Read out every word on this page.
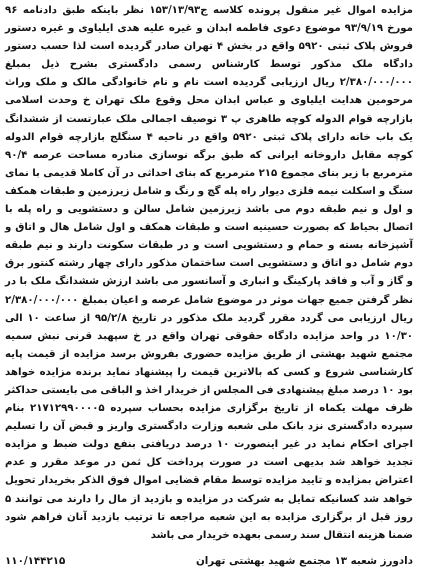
مزایده اموال غیر منقول پرونده کلاسه ج۱۵۳/۱۳/۹۳ نظر باینکه طبق دادنامه ۹۶ مورخ ۹۳/۹/۱۹ موضوع دعوی فاطمه ابدان و غیره علیه هدی ایلیاوی و غیره دستور فروش پلاک ثبتی ۵۹۲۰ واقع در بخش ۴ تهران صادر گردیده است لذا حسب دستور دادگاه ملک مذکور توسط کارشناس رسمی دادگستری بشرح ذیل بمبلغ ۲/۳۸۰/۰۰۰/۰۰۰ ریال ارزیابی گردیده است نام و نام خانوادگی مالک و ملک وراث مرحومین هدایت ایلیاوی و عباس ابدان محل وقوع ملک تهران خ وحدت اسلامی بازارچه قوام الدوله کوچه طاهری پ ۳ توصیف اجمالی ملک عبارتست از ششدانگ یک باب خانه دارای پلاک ثبتی ۵۹۲۰ واقع در ناحیه ۴ سنگلج بازارچه قوام الدوله کوچه مقابل داروخانه ایرانی که طبق برگه نوسازی منادره مساحت عرصه ۹۰/۴ مترمربع با زیر بنای مجموع ۲۱۵ مترمربع که بنای احداثی در آن کاملا قدیمی با نمای سنگ و اسکلت نیمه فلزی دیوار راه پله گچ و رنگ و شامل زیرزمین و طبقات همکف و اول و نیم طبقه دوم می باشد زیرزمین شامل سالن و دستشویی و راه پله با اتصال بحیاط که بصورت حسینیه است و طبقات همکف و اول شامل هال و اتاق و آشپزخانه بسته و حمام و دستشویی است و در طبقات سکونت دارند و نیم طبقه دوم شامل دو اتاق و دستشویی است ساختمان مذکور دارای چهار رشته کنتور برق و گاز و آب و فاقد پارکینگ و انباری و آسانسور می باشد ارزش ششدانگ ملک با در نظر گرفتن جمیع جهات موثر در موضوع شامل عرصه و اعیان بمبلغ ۲/۳۸۰/۰۰۰/۰۰۰ ریال ارزیابی می گردد مقرر گردید ملک مذکور در تاریخ ۹۵/۲/۸ از ساعت ۱۰ الی ۱۰/۳۰ در واحد مزایده دادگاه حقوقی تهران واقع در خ سپهبد قرنی نبش سمیه مجتمع شهید بهشتی از طریق مزایده حضوری بفروش برسد مزایده از قیمت پایه کارشناسی شروع و کسی که بالاترین قیمت را پیشنهاد نماید برنده مزایده خواهد بود ۱۰ درصد مبلغ پیشنهادی فی المجلس از خریدار اخذ و الباقی می بایستی حداکثر ظرف مهلت یکماه از تاریخ برگزاری مزایده بحساب سپرده ۲۱۷۱۲۹۹۰۰۰۰۵ بنام سپرده دادگستری نزد بانک ملی شعبه وزارت دادگستری واریز و قبض آن را تسلیم اجرای احکام نماید در غیر اینصورت ۱۰ درصد دریافتی بنفع دولت ضبط و مزایده تجدید خواهد شد بدیهی است در صورت پرداخت کل ثمن در موعد مقرر و عدم اعتراض بمزایده و تایید مزایده توسط مقام قضایی اموال فوق الذکر بخریدار تحویل خواهد شد کسانیکه تمایل به شرکت در مزایده و بازدید از مال را دارند می توانند ۵ روز قبل از برگزاری مزایده به این شعبه مراجعه تا ترتیب بازدید آنان فراهم شود ضمنا هزینه انتقال سند رسمی بعهده خریدار می باشد

۱۱۰/۱۴۴۲۱۵	دادورز شعبه ۱۳ مجتمع شهید بهشتی تهران
